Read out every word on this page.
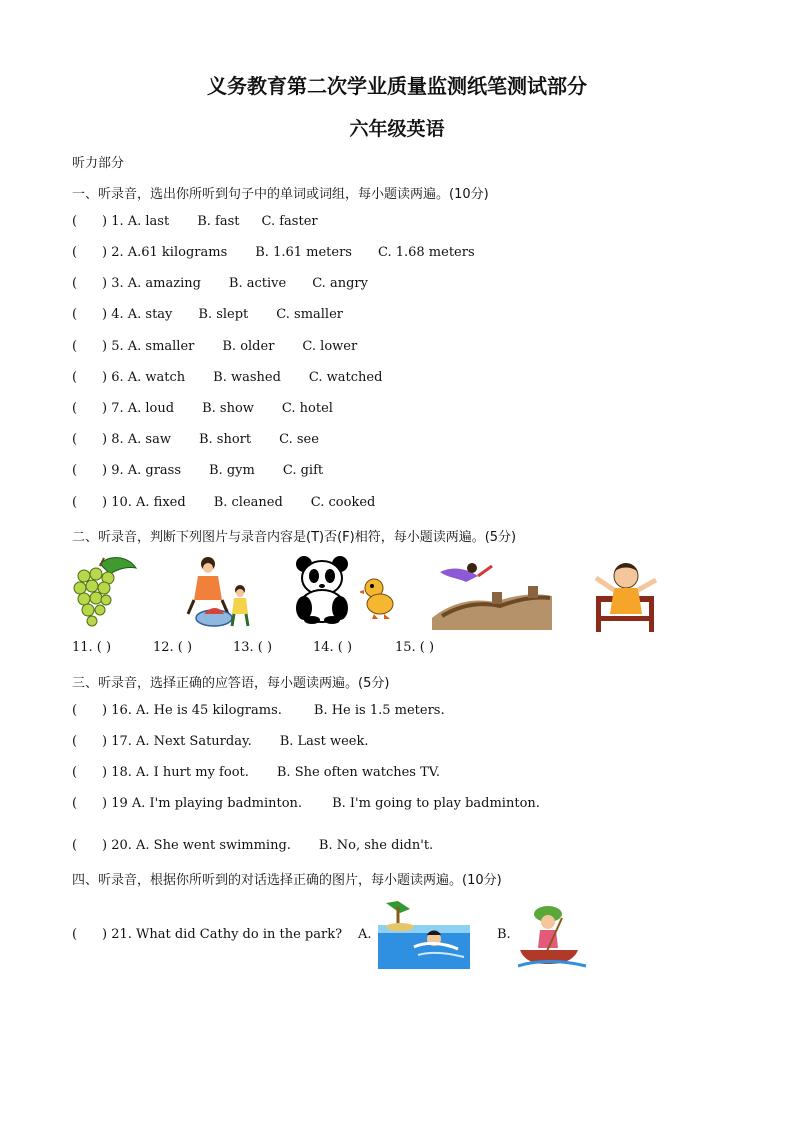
义务教育第二次学业质量监测纸笔测试部分
六年级英语
听力部分
一、听录音，选出你所听到句子中的单词或词组，每小题读两遍。(10分)
( ) 1. A. last B. fast C. faster
( ) 2. A.61 kilograms B. 1.61 meters C. 1.68 meters
( ) 3. A. amazing B. active C. angry
( ) 4. A. stay B. slept C. smaller
( ) 5. A. smaller B. older C. lower
( ) 6. A. watch B. washed C. watched
( ) 7. A. loud B. show C. hotel
( ) 8. A. saw B. short C. see
( ) 9. A. grass B. gym C. gift
( ) 10. A. fixed B. cleaned C. cooked
二、听录音，判断下列图片与录音内容是(T)否(F)相符，每小题读两遍。(5分)
11. ( )	12. ( )	13. ( )	14. ( )	15. ( )
三、听录音，选择正确的应答语，每小题读两遍。(5分)
( ) 16. A. He is 45 kilograms. B. He is 1.5 meters.
( ) 17. A. Next Saturday. B. Last week.
( ) 18. A. I hurt my foot. B. She often watches TV.
( ) 19 A. I'm playing badminton. B. I'm going to play badminton.
( ) 20. A. She went swimming. B. No, she didn't.
四、听录音，根据你所听到的对话选择正确的图片，每小题读两遍。(10分)
( ) 21. What did Cathy do in the park? A.	B.
